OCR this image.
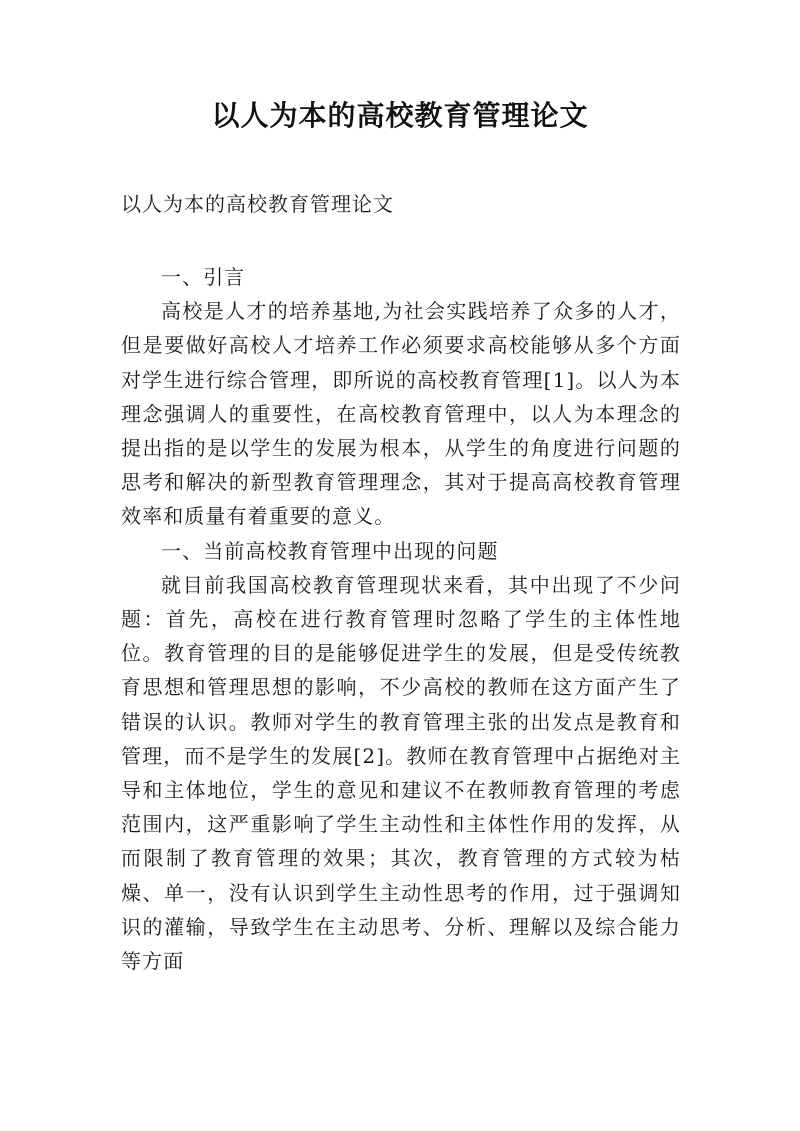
以人为本的高校教育管理论文
以人为本的高校教育管理论文

一、引言

高校是人才的培养基地,为社会实践培养了众多的人才，但是要做好高校人才培养工作必须要求高校能够从多个方面对学生进行综合管理，即所说的高校教育管理[1]。以人为本理念强调人的重要性，在高校教育管理中，以人为本理念的提出指的是以学生的发展为根本，从学生的角度进行问题的思考和解决的新型教育管理理念，其对于提高高校教育管理效率和质量有着重要的意义。

一、当前高校教育管理中出现的问题

就目前我国高校教育管理现状来看，其中出现了不少问题：首先，高校在进行教育管理时忽略了学生的主体性地位。教育管理的目的是能够促进学生的发展，但是受传统教育思想和管理思想的影响，不少高校的教师在这方面产生了错误的认识。教师对学生的教育管理主张的出发点是教育和管理，而不是学生的发展[2]。教师在教育管理中占据绝对主导和主体地位，学生的意见和建议不在教师教育管理的考虑范围内，这严重影响了学生主动性和主体性作用的发挥，从而限制了教育管理的效果；其次，教育管理的方式较为枯燥、单一，没有认识到学生主动性思考的作用，过于强调知识的灌输，导致学生在主动思考、分析、理解以及综合能力等方面
